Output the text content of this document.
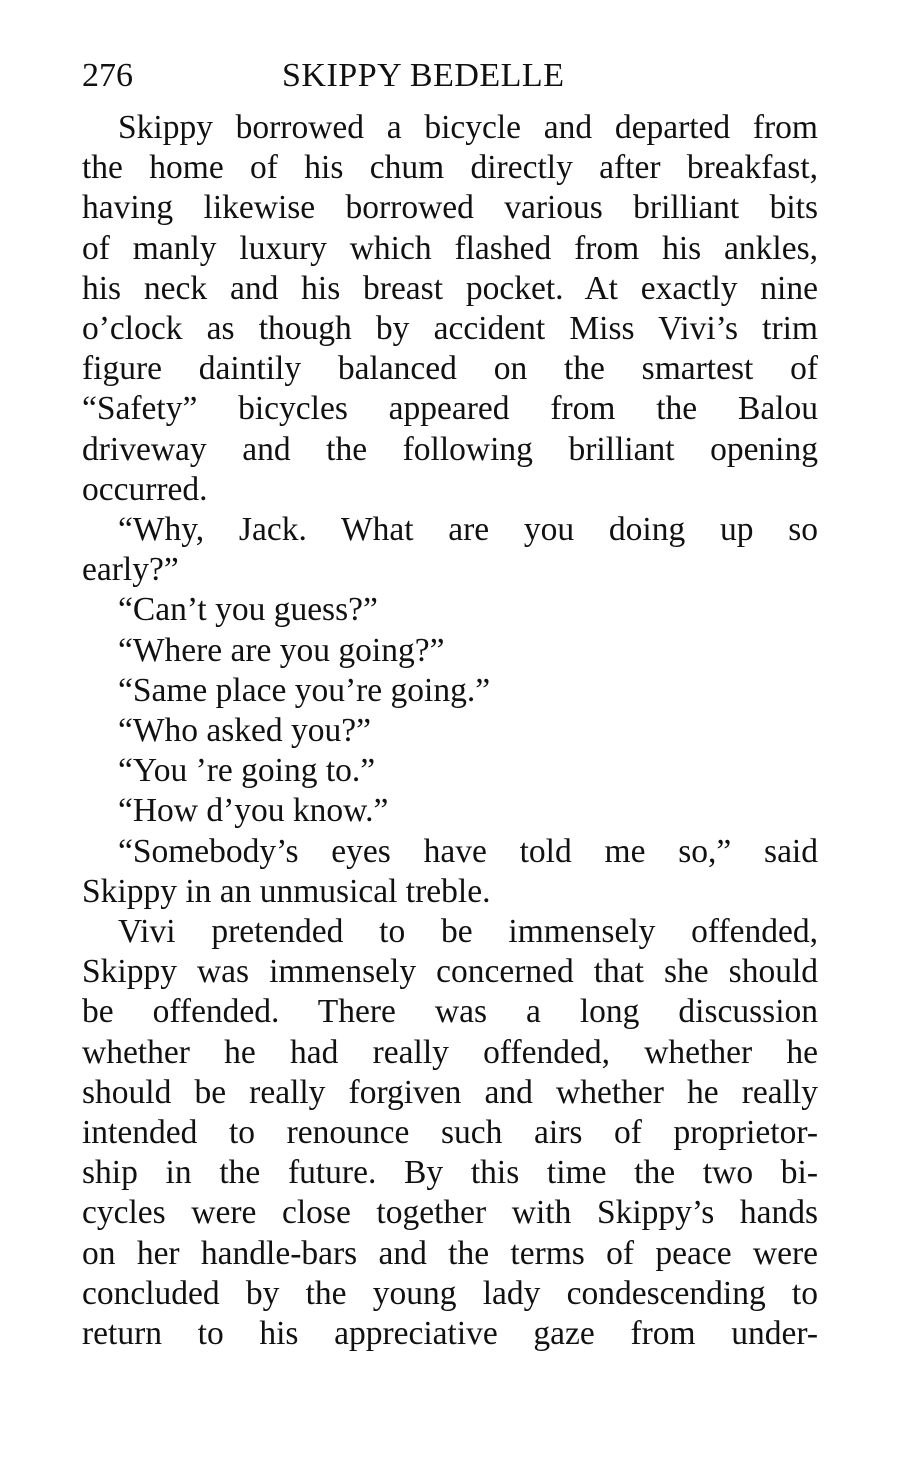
276	SKIPPY BEDELLE

Skippy borrowed a bicycle and departed from
the home of his chum directly after breakfast,
having likewise borrowed various brilliant bits
of manly luxury which flashed from his ankles,
his neck and his breast pocket. At exactly nine
o’clock as though by accident Miss Vivi’s trim
figure daintily balanced on the smartest of
“Safety” bicycles appeared from the Balou
driveway and the following brilliant opening
occurred.

“Why, Jack. What are you doing up so
early?”

“Can’t you guess?”

“Where are you going?”

“Same place you’re going.”

“Who asked you?”

“You ’re going to.”

“How d’you know.”

“Somebody’s eyes have told me so,” said
Skippy in an unmusical treble.

Vivi pretended to be immensely offended,
Skippy was immensely concerned that she should
be offended. There was a long discussion
whether he had really offended, whether he
should be really forgiven and whether he really
intended to renounce such airs of proprietor-
ship in the future. By this time the two bi-
cycles were close together with Skippy’s hands
on her handle-bars and the terms of peace were
concluded by the young lady condescending to
return to his appreciative gaze from under-
